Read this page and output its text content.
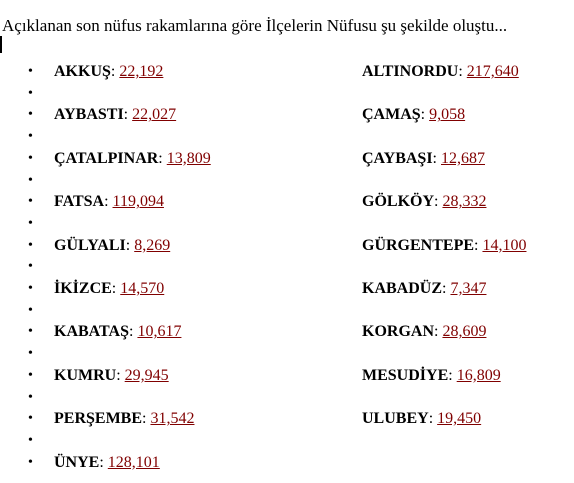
Açıklanan son nüfus rakamlarına göre İlçelerin Nüfusu şu şekilde oluştu...
•
•
•
•
•
•
•
•
•
•
•
•
•
•
•
•
•
•
•
AKKUŞ: 22,192
AYBASTI: 22,027
ÇATALPINAR: 13,809
FATSA: 119,094
GÜLYALI: 8,269
İKİZCE: 14,570
KABATAŞ: 10,617
KUMRU: 29,945
PERŞEMBE: 31,542
ÜNYE: 128,101
ALTINORDU: 217,640
ÇAMAŞ: 9,058
ÇAYBAŞI: 12,687
GÖLKÖY: 28,332
GÜRGENTEPE: 14,100
KABADÜZ: 7,347
KORGAN: 28,609
MESUDİYE: 16,809
ULUBEY: 19,450
